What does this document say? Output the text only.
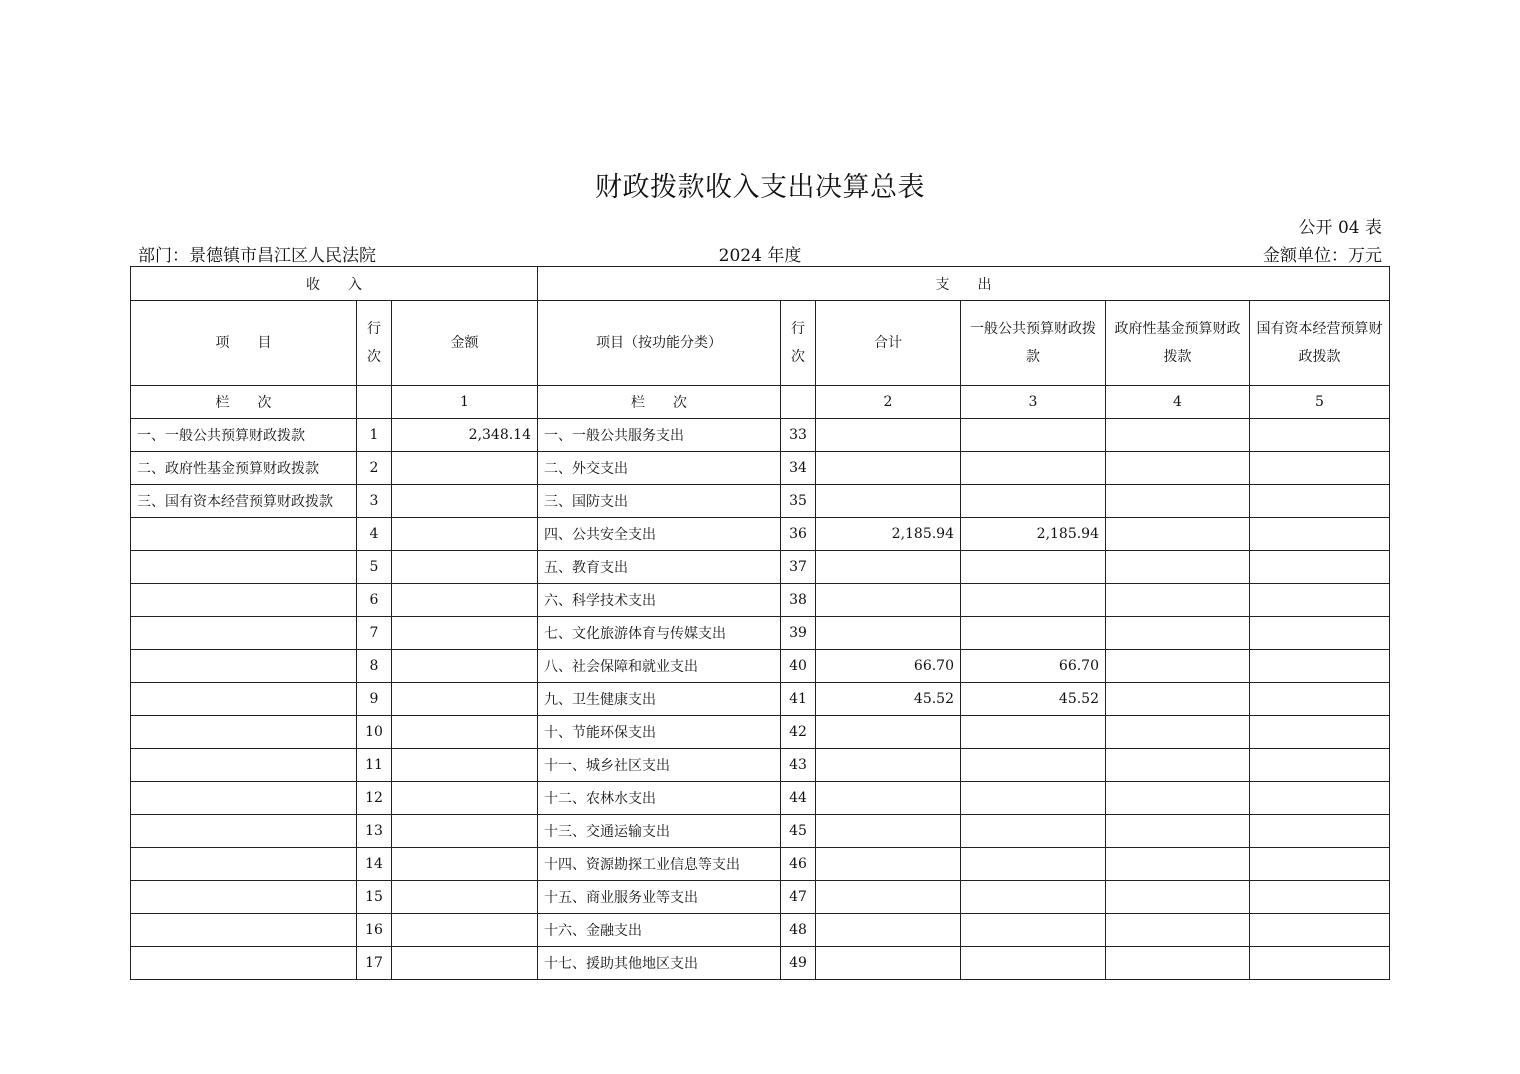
财政拨款收入支出决算总表
公开 04 表
部门：景德镇市昌江区人民法院	2024 年度	金额单位：万元
收　　入			支　　出					
项　　目	行次	金额	项目（按功能分类）	行次	合计	一般公共预算财政拨款	政府性基金预算财政拨款	国有资本经营预算财政拨款
栏　　次		1	栏　　次		2	3	4	5
一、一般公共预算财政拨款	1	2,348.14	一、一般公共服务支出	33				
二、政府性基金预算财政拨款	2		二、外交支出	34				
三、国有资本经营预算财政拨款	3		三、国防支出	35				
	4		四、公共安全支出	36	2,185.94	2,185.94		
	5		五、教育支出	37				
	6		六、科学技术支出	38				
	7		七、文化旅游体育与传媒支出	39				
	8		八、社会保障和就业支出	40	66.70	66.70		
	9		九、卫生健康支出	41	45.52	45.52		
	10		十、节能环保支出	42				
	11		十一、城乡社区支出	43				
	12		十二、农林水支出	44				
	13		十三、交通运输支出	45				
	14		十四、资源勘探工业信息等支出	46				
	15		十五、商业服务业等支出	47				
	16		十六、金融支出	48				
	17		十七、援助其他地区支出	49				
